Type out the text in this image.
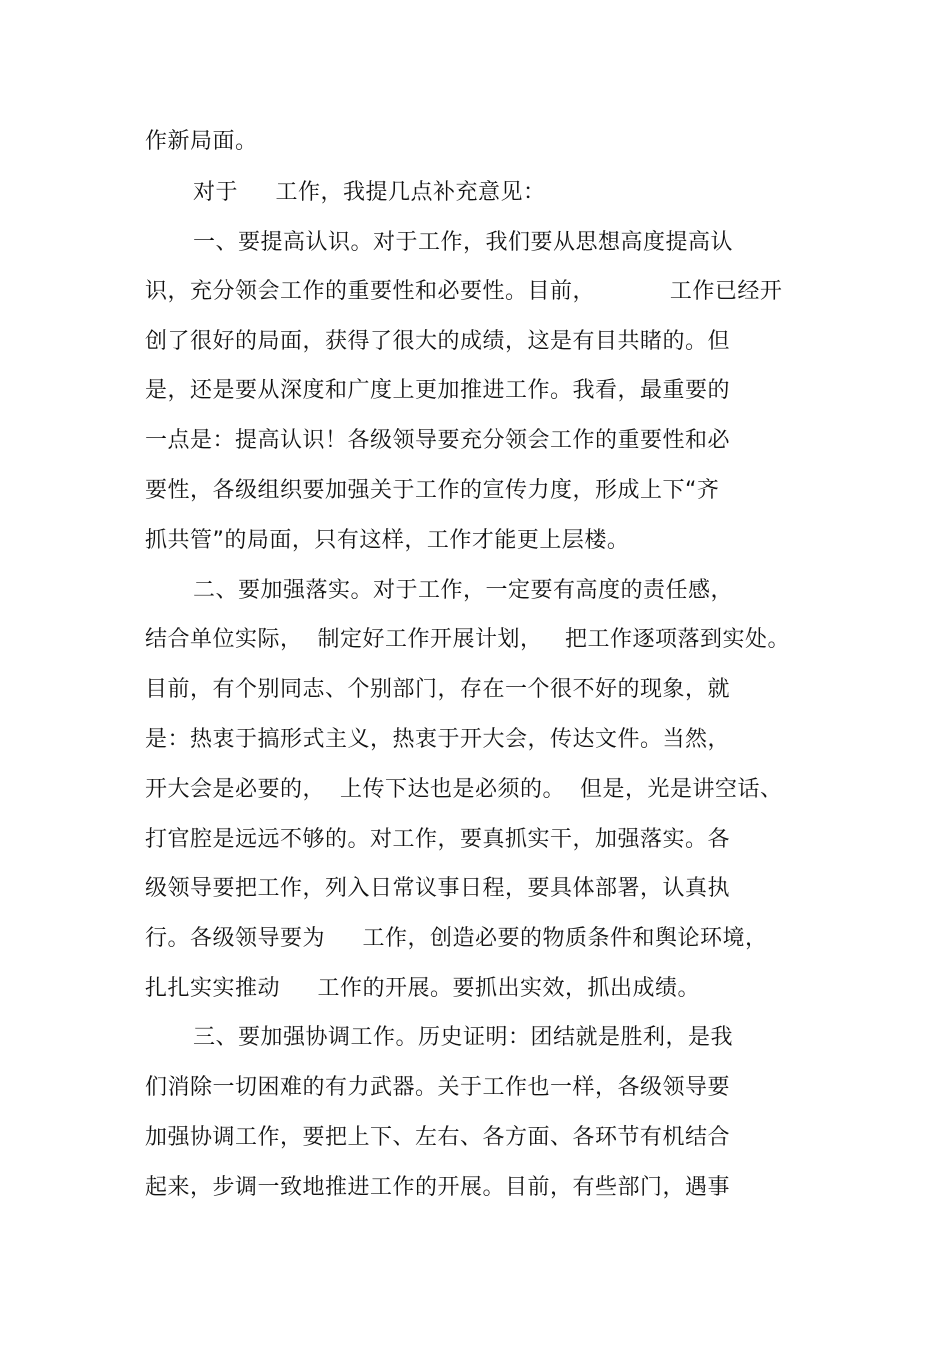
作新局面。
对于     工作，我提几点补充意见：
一、要提高认识。对于工作，我们要从思想高度提高认
识，充分领会工作的重要性和必要性。目前，          工作已经开
创了很好的局面，获得了很大的成绩，这是有目共睹的。但
是，还是要从深度和广度上更加推进工作。我看，最重要的
一点是：提高认识！各级领导要充分领会工作的重要性和必
要性，各级组织要加强关于工作的宣传力度，形成上下“齐
抓共管”的局面，只有这样，工作才能更上层楼。
二、要加强落实。对于工作，一定要有高度的责任感，
结合单位实际，  制定好工作开展计划，   把工作逐项落到实处。
目前，有个别同志、个别部门，存在一个很不好的现象，就
是：热衷于搞形式主义，热衷于开大会，传达文件。当然，
开大会是必要的，  上传下达也是必须的。  但是，光是讲空话、
打官腔是远远不够的。对工作，要真抓实干，加强落实。各
级领导要把工作，列入日常议事日程，要具体部署，认真执
行。各级领导要为     工作，创造必要的物质条件和舆论环境，
扎扎实实推动     工作的开展。要抓出实效，抓出成绩。
三、要加强协调工作。历史证明：团结就是胜利，是我
们消除一切困难的有力武器。关于工作也一样，各级领导要
加强协调工作，要把上下、左右、各方面、各环节有机结合
起来，步调一致地推进工作的开展。目前，有些部门，遇事
